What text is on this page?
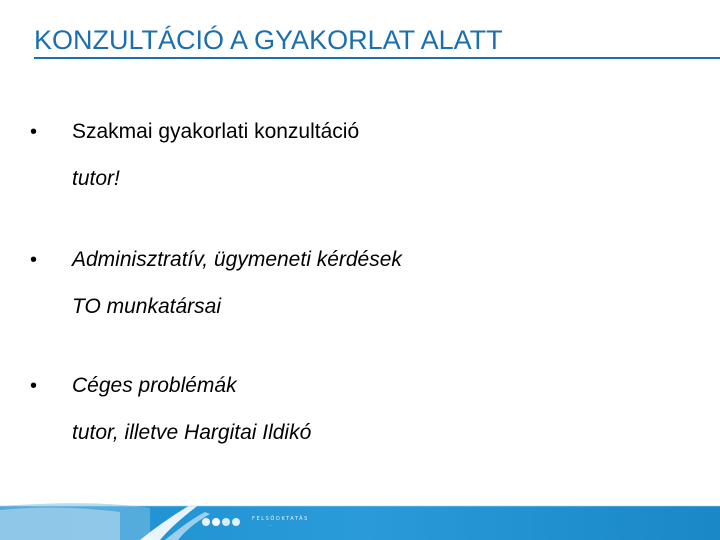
KONZULTÁCIÓ A GYAKORLAT ALATT
• Szakmai gyakorlati konzultáció
tutor!
• Adminisztratív, ügymeneti kérdések
TO munkatársai
• Céges problémák
tutor, illetve Hargitai Ildikó
FELSŐOKTATÁS
...
